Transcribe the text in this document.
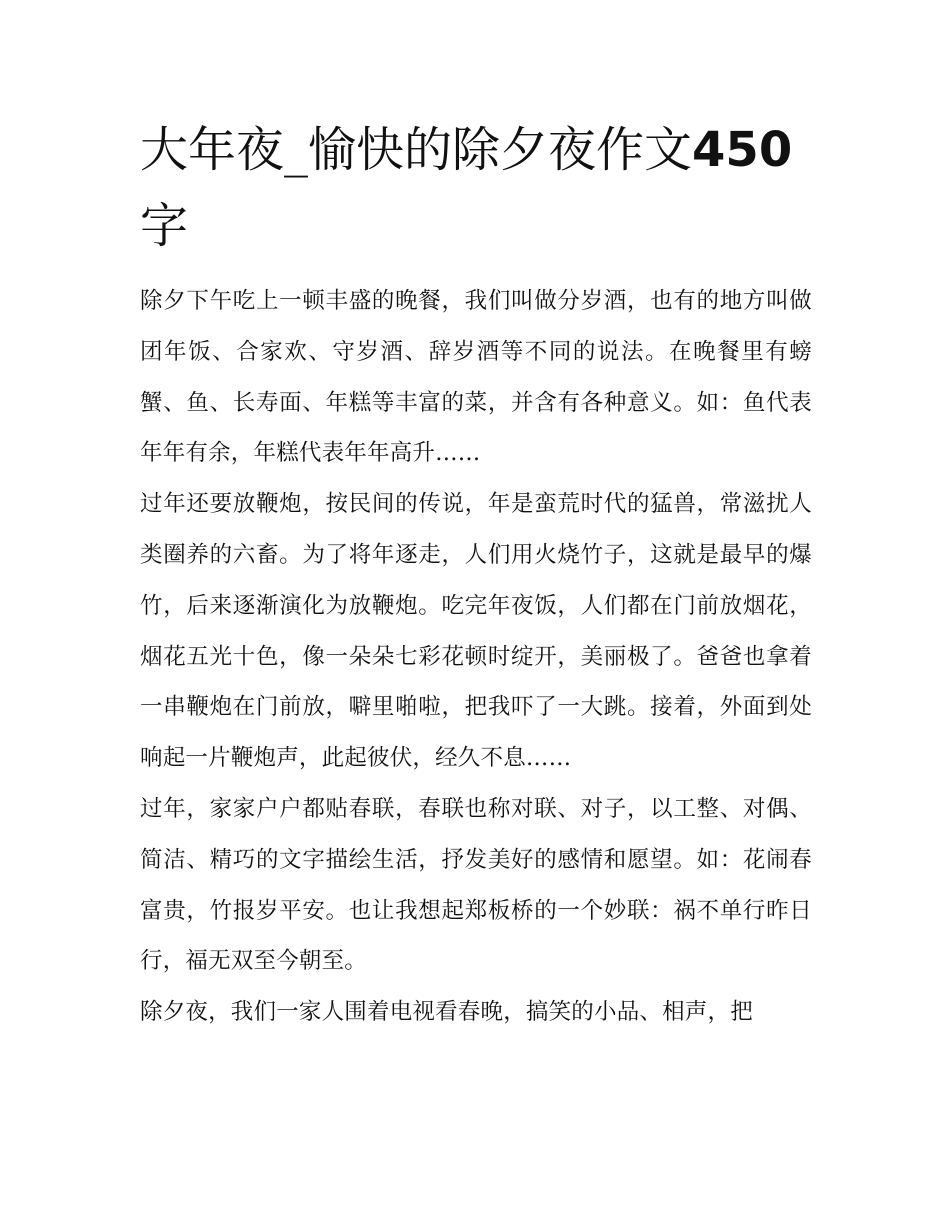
大年夜_愉快的除夕夜作文450
字

除夕下午吃上一顿丰盛的晚餐，我们叫做分岁酒，也有的地方叫做团年饭、合家欢、守岁酒、辞岁酒等不同的说法。在晚餐里有螃蟹、鱼、长寿面、年糕等丰富的菜，并含有各种意义。如：鱼代表年年有余，年糕代表年年高升……

过年还要放鞭炮，按民间的传说，年是蛮荒时代的猛兽，常滋扰人类圈养的六畜。为了将年逐走，人们用火烧竹子，这就是最早的爆竹，后来逐渐演化为放鞭炮。吃完年夜饭，人们都在门前放烟花，烟花五光十色，像一朵朵七彩花顿时绽开，美丽极了。爸爸也拿着一串鞭炮在门前放，噼里啪啦，把我吓了一大跳。接着，外面到处响起一片鞭炮声，此起彼伏，经久不息……

过年，家家户户都贴春联，春联也称对联、对子，以工整、对偶、简洁、精巧的文字描绘生活，抒发美好的感情和愿望。如：花闹春富贵，竹报岁平安。也让我想起郑板桥的一个妙联：祸不单行昨日行，福无双至今朝至。

除夕夜，我们一家人围着电视看春晚，搞笑的小品、相声，把
